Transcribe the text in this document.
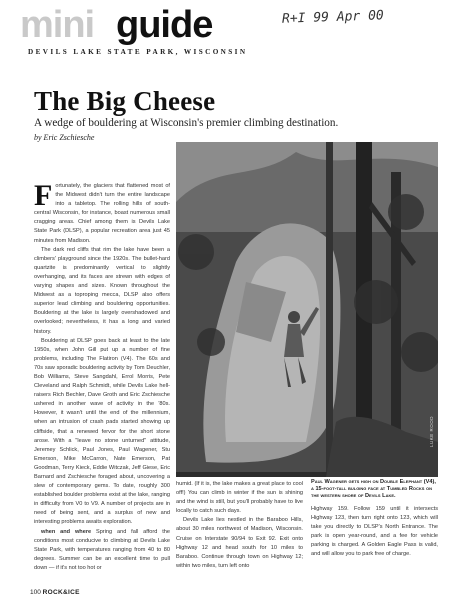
mini guide
DEVILS LAKE STATE PARK, WISCONSIN
R+I 99 Apr 00
The Big Cheese
A wedge of bouldering at Wisconsin's premier climbing destination.
by Eric Zschiesche

Fortunately, the glaciers that flattened most of the Midwest didn't turn the entire landscape into a tabletop. The rolling hills of south-central Wisconsin, for instance, boast numerous small cragging areas. Chief among them is Devils Lake State Park (DLSP), a popular recreation area just 45 minutes from Madison.

The dark red cliffs that rim the lake have been a climbers' playground since the 1920s. The bullet-hard quartzite is predominantly vertical to slightly overhanging, and its faces are strewn with edges of varying shapes and sizes. Known throughout the Midwest as a toproping mecca, DLSP also offers superior lead climbing and bouldering opportunities. Bouldering at the lake is largely overshadowed and overlooked; nevertheless, it has a long and varied history.

Bouldering at DLSP goes back at least to the late 1950s, when John Gill put up a number of fine problems, including The Flatiron (V4). The 60s and 70s saw sporadic bouldering activity by Tom Deuchler, Bob Williams, Steve Sangdahl, Errol Morris, Pete Cleveland and Ralph Schmidt, while Devils Lake hell-raisers Rich Bechler, Dave Groth and Eric Zschiesche ushered in another wave of activity in the '80s. However, it wasn't until the end of the millennium, when an intrusion of crash pads started showing up cliffside, that a renewed fervor for the short stone arose. With a "leave no stone unturned" attitude, Jeremey Schlick, Paul Jones, Paul Wagener, Stu Emerson, Mike McCarron, Nate Emerson, Pat Goodman, Terry Kieck, Eddie Witczak, Jeff Giese, Eric Barnard and Zschiesche foraged about, uncovering a slew of contemporary gems. To date, roughly 300 established boulder problems exist at the lake, ranging in difficulty from V0 to V9. A number of projects are in need of being sent, and a surplus of new and interesting problems awaits exploration.

when and where Spring and fall afford the conditions most conducive to climbing at Devils Lake State Park, with temperatures ranging from 40 to 80 degrees. Summer can be an excellent time to pull down — if it's not too hot or

LUKE ROOD

humid. (If it is, the lake makes a great place to cool off!) You can climb in winter if the sun is shining and the wind is still, but you'll probably have to live locally to catch such days.

Devils Lake lies nestled in the Baraboo Hills, about 30 miles northwest of Madison, Wisconsin. Cruise on Interstate 90/94 to Exit 92. Exit onto Highway 12 and head south for 10 miles to Baraboo. Continue through town on Highway 12; within two miles, turn left onto

Paul Wagener gets high on Double Elephant (V4), a 15-foot-tall bulging face at Tumbled Rocks on the western shore of Devils Lake.

Highway 159. Follow 159 until it intersects Highway 123, then turn right onto 123, which will take you directly to DLSP's North Entrance. The park is open year-round, and a fee for vehicle parking is charged. A Golden Eagle Pass is valid, and will allow you to park free of charge.

100 ROCK&ICE
